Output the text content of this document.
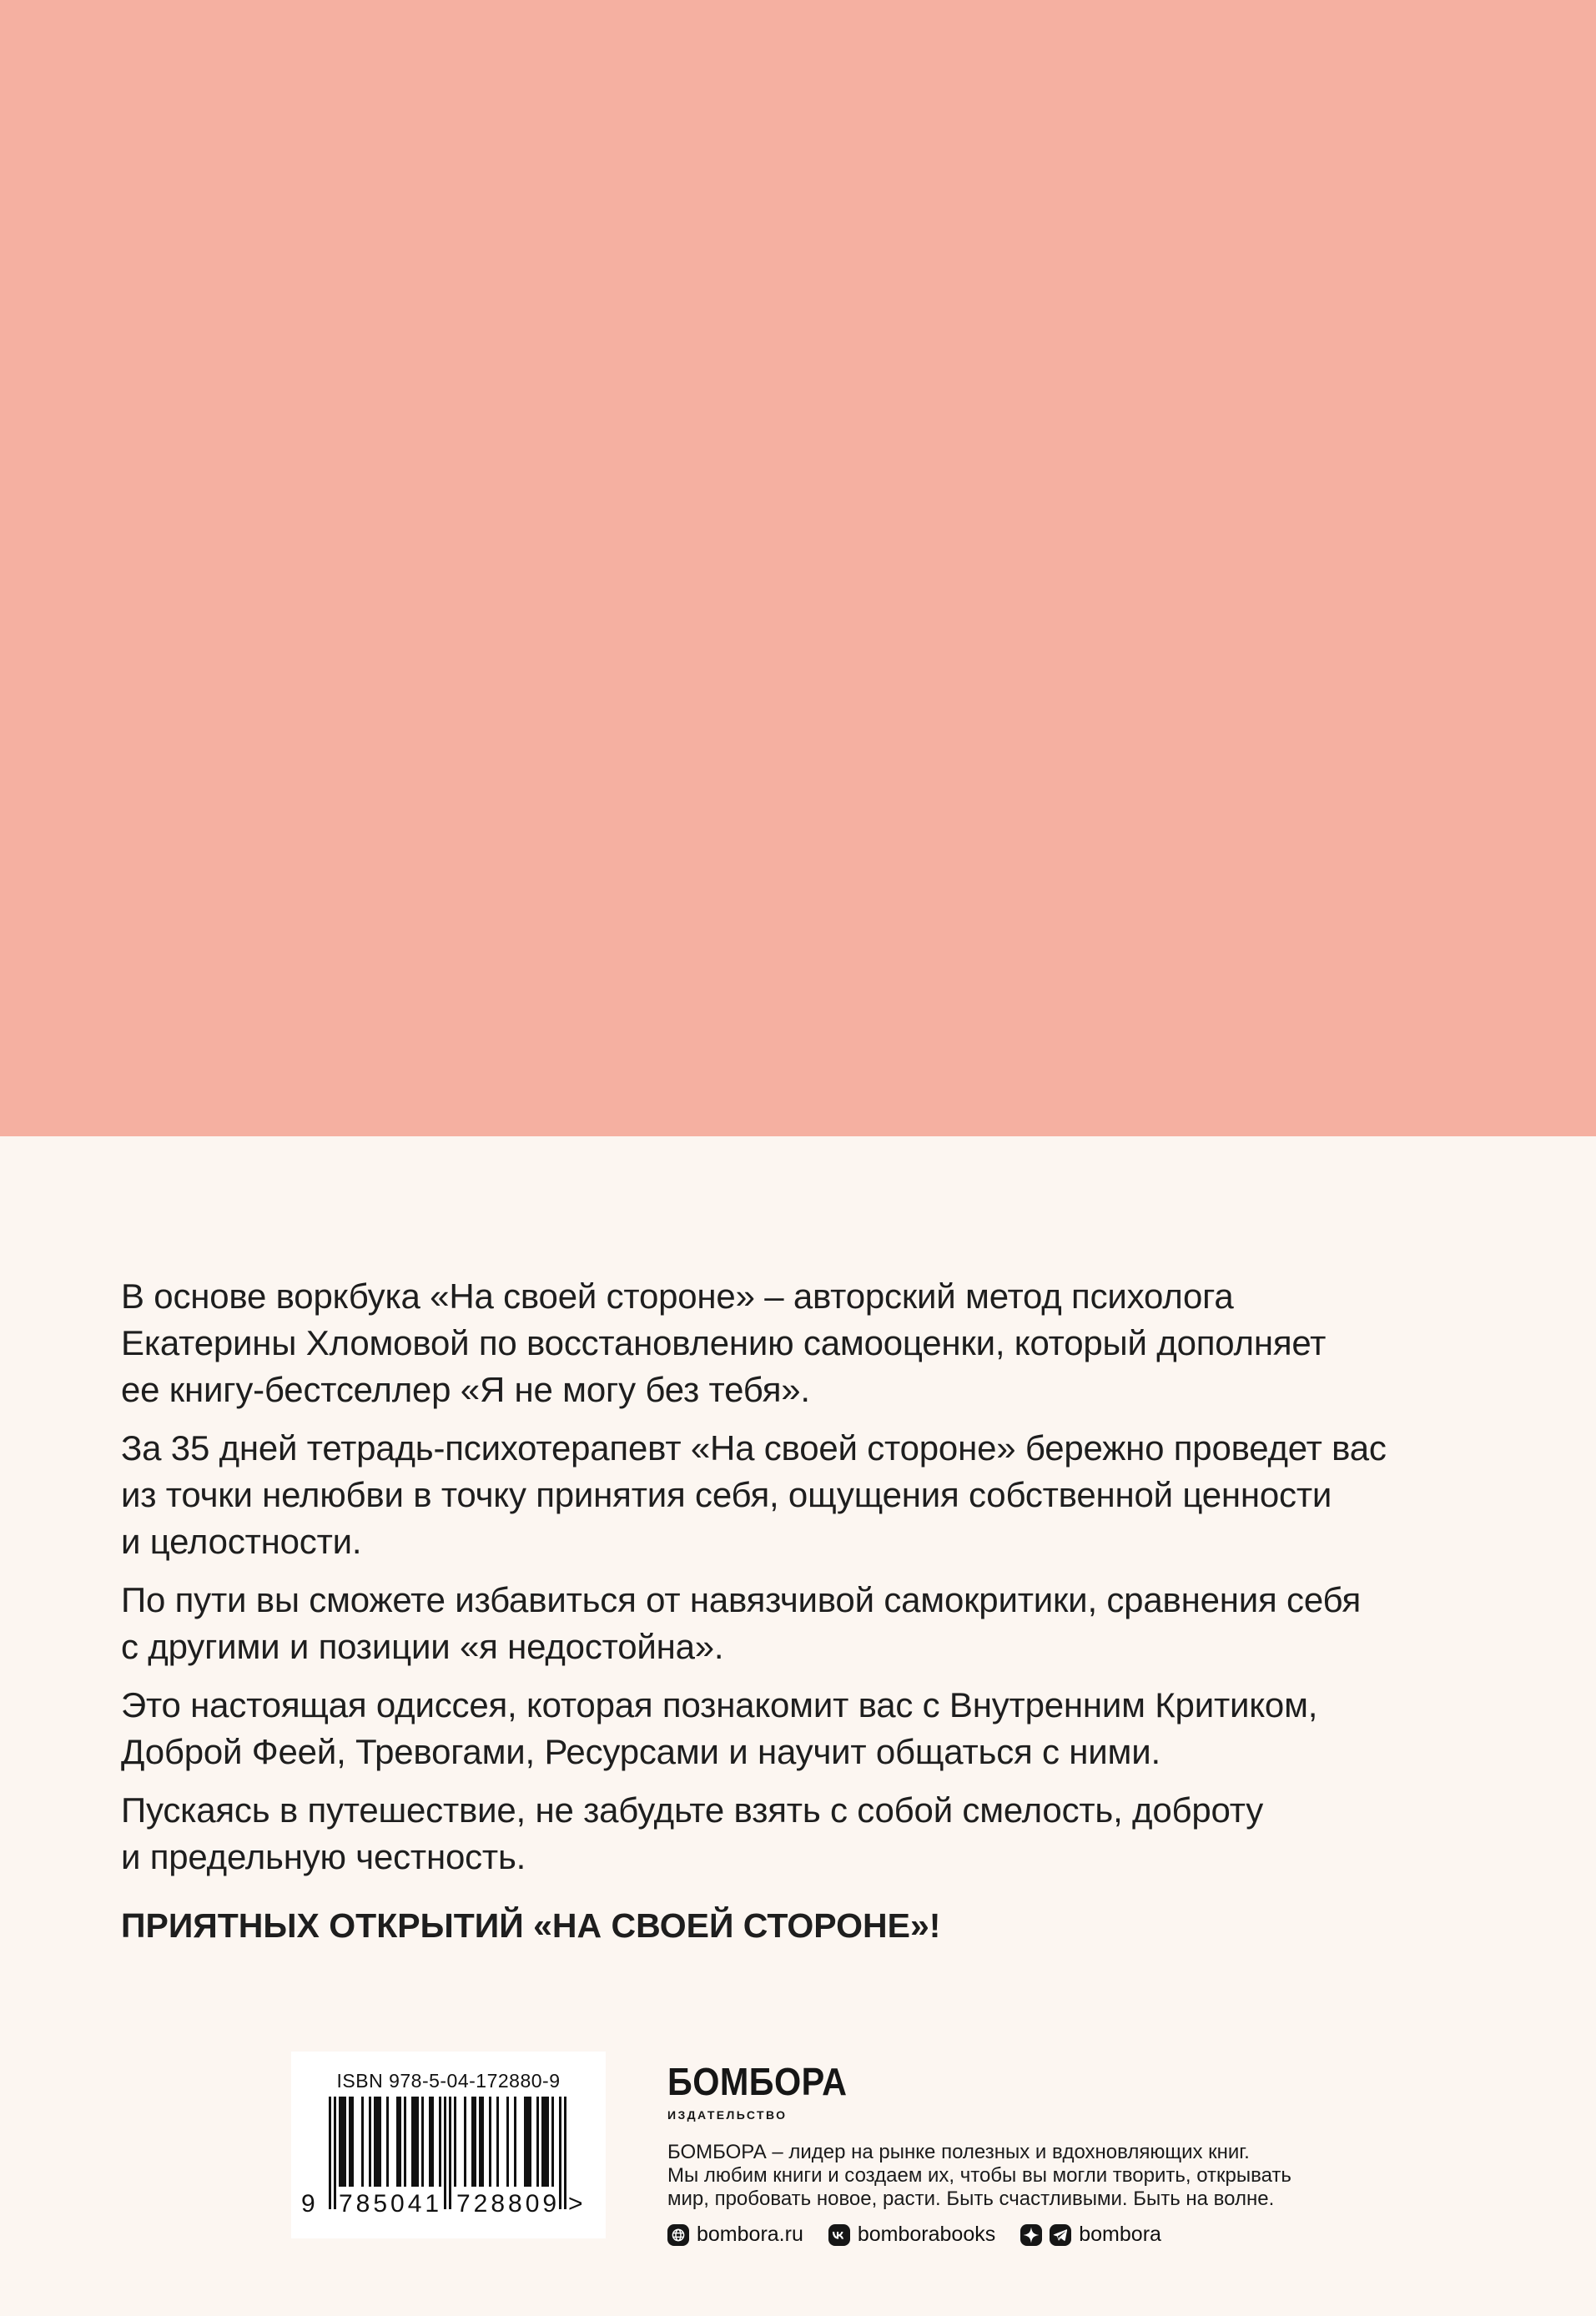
В основе воркбука «На своей стороне» – авторский метод психолога
Екатерины Хломовой по восстановлению самооценки, который дополняет
ее книгу-бестселлер «Я не могу без тебя».

За 35 дней тетрадь-психотерапевт «На своей стороне» бережно проведет вас
из точки нелюбви в точку принятия себя, ощущения собственной ценности
и целостности.

По пути вы сможете избавиться от навязчивой самокритики, сравнения себя
с другими и позиции «я недостойна».

Это настоящая одиссея, которая познакомит вас с Внутренним Критиком,
Доброй Феей, Тревогами, Ресурсами и научит общаться с ними.

Пускаясь в путешествие, не забудьте взять с собой смелость, доброту
и предельную честность.

ПРИЯТНЫХ ОТКРЫТИЙ «НА СВОЕЙ СТОРОНЕ»!
ISBN 978-5-04-172880-9
9 785041 728809 >
БОМБОРА
ИЗДАТЕЛЬСТВО
БОМБОРА – лидер на рынке полезных и вдохновляющих книг.
Мы любим книги и создаем их, чтобы вы могли творить, открывать
мир, пробовать новое, расти. Быть счастливыми. Быть на волне.
bombora.ru	bomborabooks	bombora
